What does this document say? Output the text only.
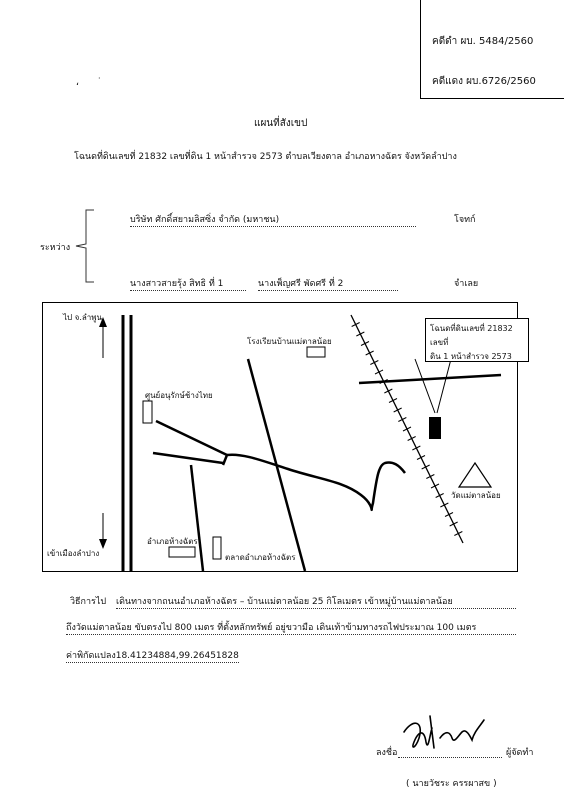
คดีดำ ผบ. 5484/2560
คดีแดง ผบ.6726/2560
ʻ
·
แผนที่สังเขป
โฉนดที่ดินเลขที่ 21832 เลขที่ดิน 1 หน้าสำรวจ 2573 ตำบลเวียงตาล อำเภอหางฉัตร จังหวัดลำปาง
ระหว่าง
บริษัท ศักดิ์สยามลิสซิ่ง จำกัด (มหาชน)	โจทก์
นางสาวสายรุ้ง สิทธิ ที่ 1	นางเพ็ญศรี พัดศรี ที่ 2	จำเลย
โฉนดที่ดินเลขที่ 21832 เลขที่
ดิน 1 หน้าสำรวจ 2573
ไป จ.ลำพูน
เข้าเมืองลำปาง
โรงเรียนบ้านแม่ตาลน้อย
ศูนย์อนุรักษ์ช้างไทย
อำเภอห้างฉัตร
ตลาดอำเภอห้างฉัตร
วัดแม่ตาลน้อย
วิธีการไป เดินทางจากถนนอำเภอห้างฉัตร – บ้านแม่ตาลน้อย 25 กิโลเมตร เข้าหมู่บ้านแม่ตาลน้อย
ถึงวัดแม่ตาลน้อย ขับตรงไป 800 เมตร ที่ตั้งหลักทรัพย์ อยู่ขวามือ เดินเท้าข้ามทางรถไฟประมาณ 100 เมตร
ค่าพิกัดแปลง18.41234884,99.26451828
ลงชื่อ	ผู้จัดทำ
( นายวัชระ ครรผาสข )
